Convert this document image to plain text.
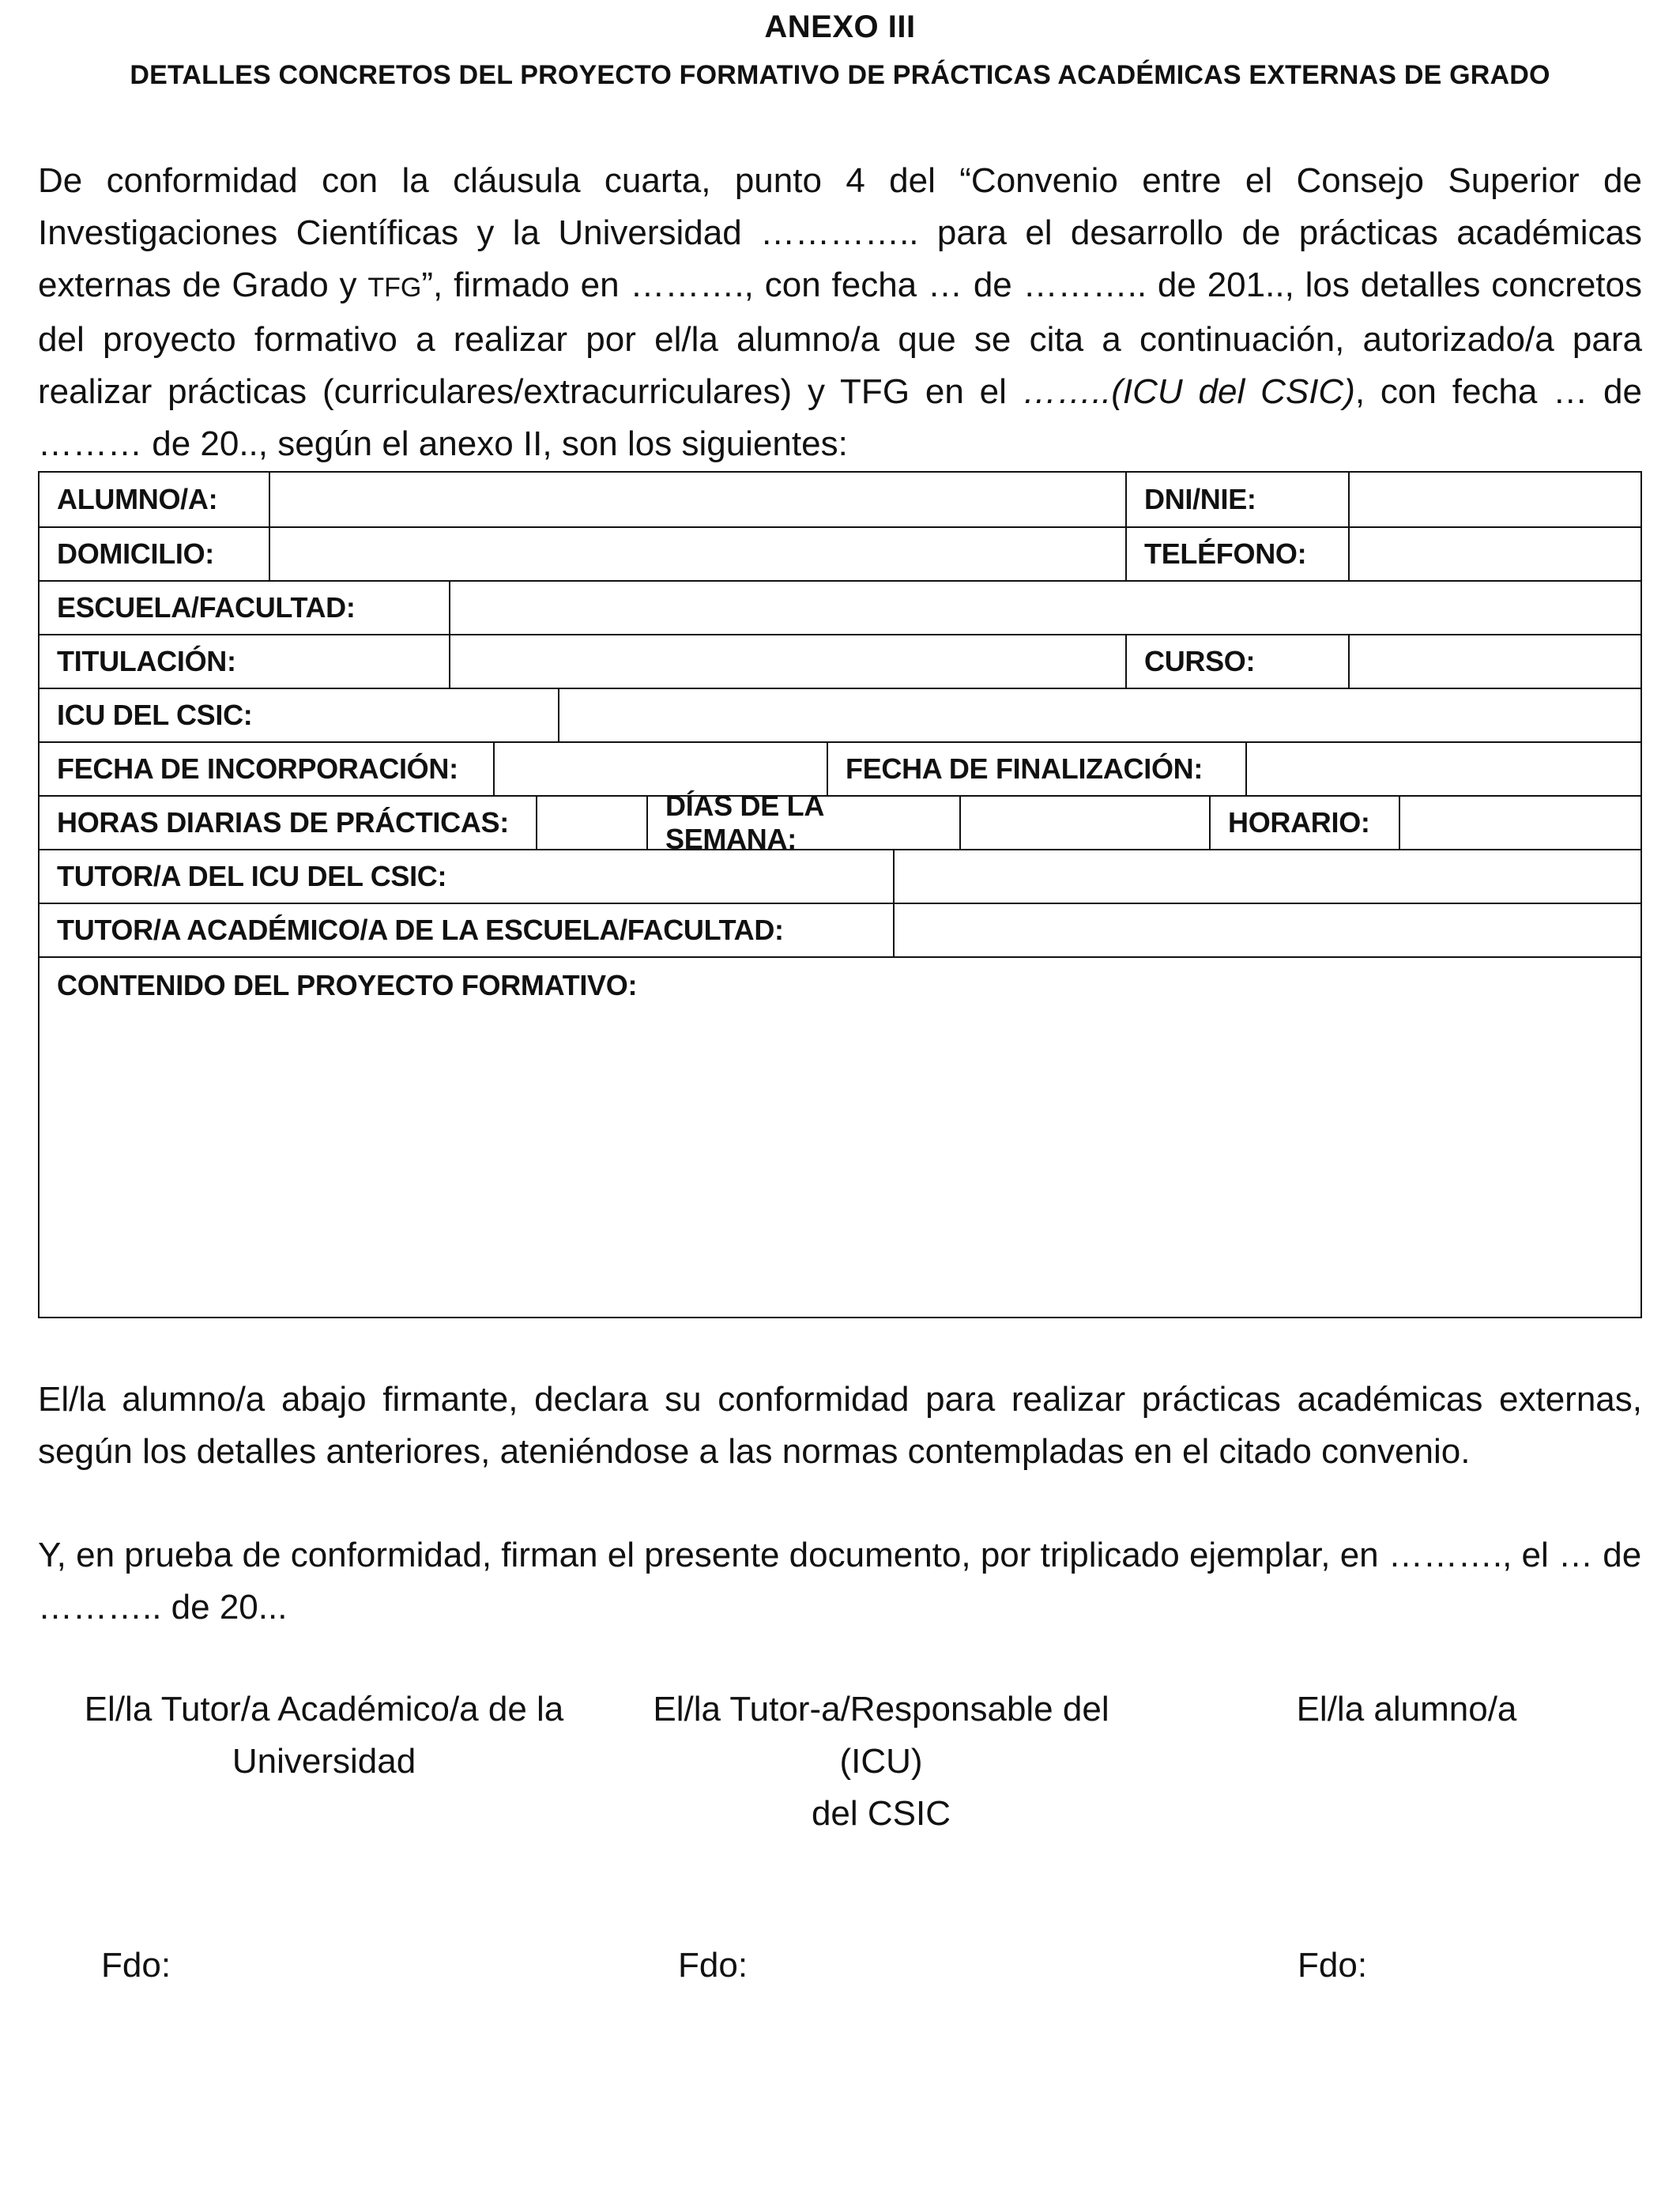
ANEXO III
DETALLES CONCRETOS DEL PROYECTO FORMATIVO DE PRÁCTICAS ACADÉMICAS EXTERNAS DE GRADO
De conformidad con la cláusula cuarta, punto 4 del “Convenio entre el Consejo Superior de Investigaciones Científicas y la Universidad ………….. para el desarrollo de prácticas académicas externas de Grado y TFG”, firmado en ………., con fecha … de ……….. de 201.., los detalles concretos del proyecto formativo a realizar por el/la alumno/a que se cita a continuación, autorizado/a para realizar prácticas (curriculares/extracurriculares) y TFG en el ……..(ICU del CSIC), con fecha … de ……… de 20.., según el anexo II, son los siguientes:
ALUMNO/A:	DNI/NIE:
DOMICILIO:	TELÉFONO:
ESCUELA/FACULTAD:
TITULACIÓN:	CURSO:
ICU DEL CSIC:
FECHA DE INCORPORACIÓN:	FECHA DE FINALIZACIÓN:
HORAS DIARIAS DE PRÁCTICAS:
DÍAS DE LA SEMANA:
HORARIO:
TUTOR/A DEL ICU DEL CSIC:
TUTOR/A ACADÉMICO/A DE LA ESCUELA/FACULTAD:
CONTENIDO DEL PROYECTO FORMATIVO:
El/la alumno/a abajo firmante, declara su conformidad para realizar prácticas académicas externas, según los detalles anteriores, ateniéndose a las normas contempladas en el citado convenio.
Y, en prueba de conformidad, firman el presente documento, por triplicado ejemplar, en ………., el … de ……….. de 20...
El/la Tutor/a Académico/a de la
Universidad
El/la Tutor-a/Responsable del (ICU)
del CSIC
El/la alumno/a
Fdo:	Fdo:	Fdo:
